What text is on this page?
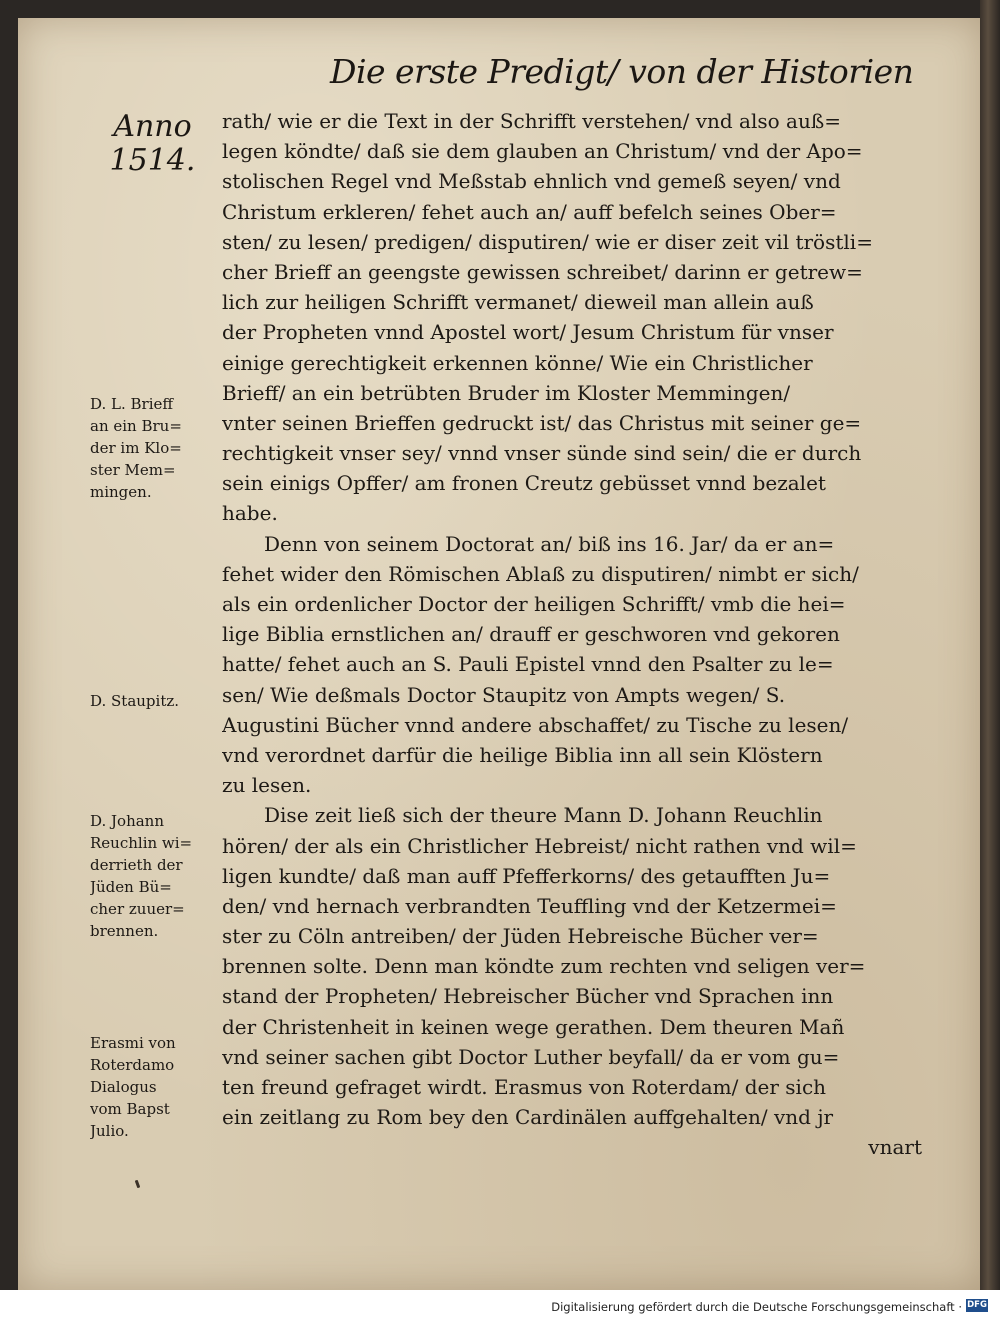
Die erste Predigt/ von der Historien
Anno
1514.
D. L. Brieff
an ein Bru=
der im Klo=
ster Mem=
mingen.
D. Staupitz.
D. Johann
Reuchlin wi=
derrieth der
Jüden Bü=
cher zuuer=
brennen.
Erasmi von
Roterdamo
Dialogus
vom Bapst
Julio.
rath/ wie er die Text in der Schrifft verstehen/ vnd also auß=
legen köndte/ daß sie dem glauben an Christum/ vnd der Apo=
stolischen Regel vnd Meßstab ehnlich vnd gemeß seyen/ vnd
Christum erkleren/ fehet auch an/ auff befelch seines Ober=
sten/ zu lesen/ predigen/ disputiren/ wie er diser zeit vil tröstli=
cher Brieff an geengste gewissen schreibet/ darinn er getrew=
lich zur heiligen Schrifft vermanet/ dieweil man allein auß
der Propheten vnnd Apostel wort/ Jesum Christum für vnser
einige gerechtigkeit erkennen könne/ Wie ein Christlicher
Brieff/ an ein betrübten Bruder im Kloster Memmingen/
vnter seinen Brieffen gedruckt ist/ das Christus mit seiner ge=
rechtigkeit vnser sey/ vnnd vnser sünde sind sein/ die er durch
sein einigs Opffer/ am fronen Creutz gebüsset vnnd bezalet
habe.
Denn von seinem Doctorat an/ biß ins 16. Jar/ da er an=
fehet wider den Römischen Ablaß zu disputiren/ nimbt er sich/
als ein ordenlicher Doctor der heiligen Schrifft/ vmb die hei=
lige Biblia ernstlichen an/ drauff er geschworen vnd gekoren
hatte/ fehet auch an S. Pauli Epistel vnnd den Psalter zu le=
sen/ Wie deßmals Doctor Staupitz von Ampts wegen/ S.
Augustini Bücher vnnd andere abschaffet/ zu Tische zu lesen/
vnd verordnet darfür die heilige Biblia inn all sein Klöstern
zu lesen.
Dise zeit ließ sich der theure Mann D. Johann Reuchlin
hören/ der als ein Christlicher Hebreist/ nicht rathen vnd wil=
ligen kundte/ daß man auff Pfefferkorns/ des getaufften Ju=
den/ vnd hernach verbrandten Teuffling vnd der Ketzermei=
ster zu Cöln antreiben/ der Jüden Hebreische Bücher ver=
brennen solte. Denn man köndte zum rechten vnd seligen ver=
stand der Propheten/ Hebreischer Bücher vnd Sprachen inn
der Christenheit in keinen wege gerathen. Dem theuren Mañ
vnd seiner sachen gibt Doctor Luther beyfall/ da er vom gu=
ten freund gefraget wirdt. Erasmus von Roterdam/ der sich
ein zeitlang zu Rom bey den Cardinälen auffgehalten/ vnd jr
vnart
Digitalisierung gefördert durch die Deutsche Forschungsgemeinschaft · DFG
